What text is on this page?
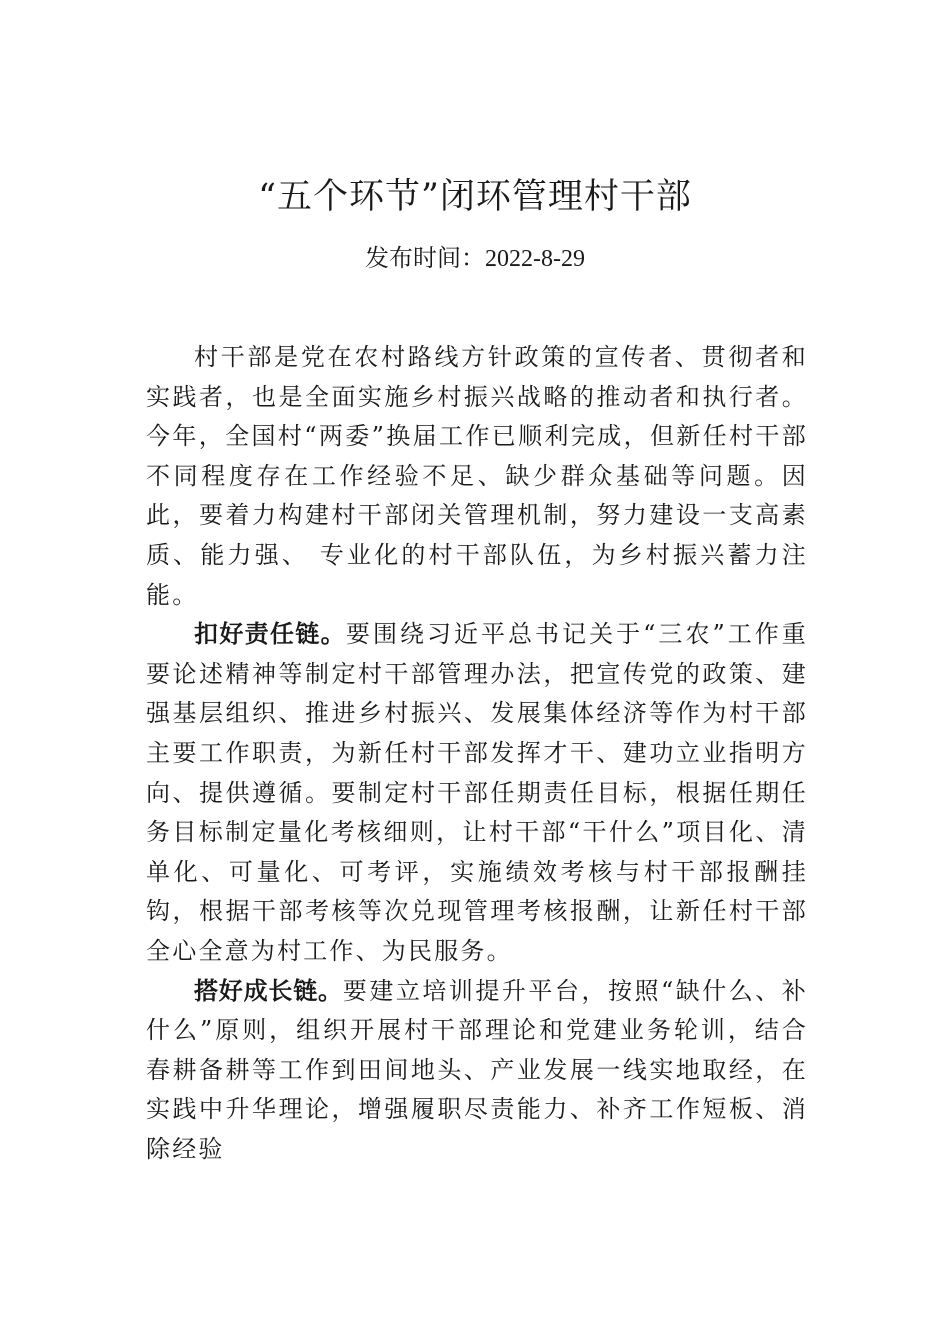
“五个环节”闭环管理村干部
发布时间：2022-8-29

村干部是党在农村路线方针政策的宣传者、贯彻者和实践者，也是全面实施乡村振兴战略的推动者和执行者。今年，全国村“两委”换届工作已顺利完成，但新任村干部不同程度存在工作经验不足、缺少群众基础等问题。因此，要着力构建村干部闭关管理机制，努力建设一支高素质、能力强、 专业化的村干部队伍，为乡村振兴蓄力注能。

扣好责任链。要围绕习近平总书记关于“三农”工作重要论述精神等制定村干部管理办法，把宣传党的政策、建强基层组织、推进乡村振兴、发展集体经济等作为村干部主要工作职责，为新任村干部发挥才干、建功立业指明方向、提供遵循。要制定村干部任期责任目标，根据任期任务目标制定量化考核细则，让村干部“干什么”项目化、清单化、可量化、可考评，实施绩效考核与村干部报酬挂钩，根据干部考核等次兑现管理考核报酬，让新任村干部全心全意为村工作、为民服务。

搭好成长链。要建立培训提升平台，按照“缺什么、补什么”原则，组织开展村干部理论和党建业务轮训，结合春耕备耕等工作到田间地头、产业发展一线实地取经，在实践中升华理论，增强履职尽责能力、补齐工作短板、消除经验
